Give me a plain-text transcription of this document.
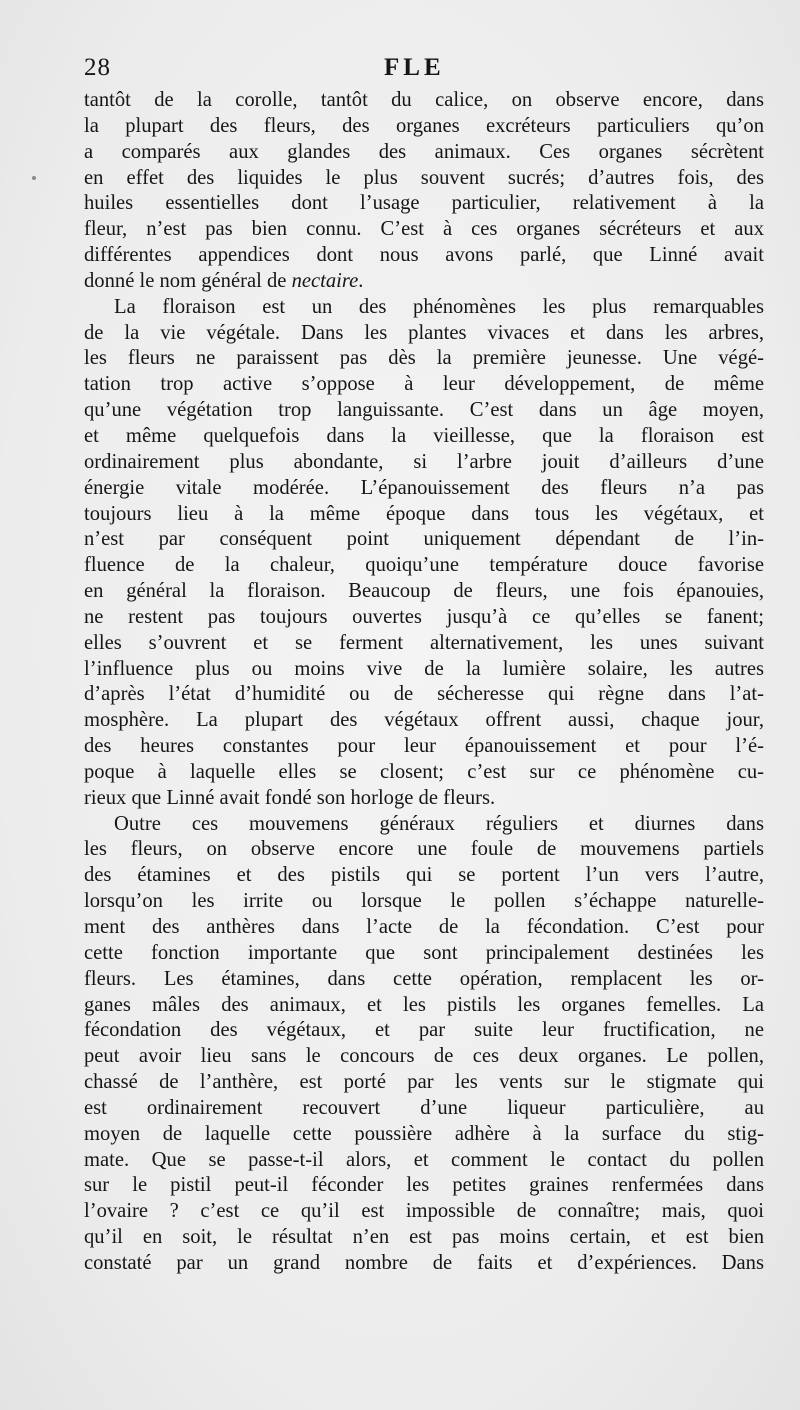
28	FLE
tantôt de la corolle, tantôt du calice, on observe encore, dans
la plupart des fleurs, des organes excréteurs particuliers qu’on
a comparés aux glandes des animaux. Ces organes sécrètent
en effet des liquides le plus souvent sucrés; d’autres fois, des
huiles essentielles dont l’usage particulier, relativement à la
fleur, n’est pas bien connu. C’est à ces organes sécréteurs et aux
différentes appendices dont nous avons parlé, que Linné avait
donné le nom général de nectaire.
La floraison est un des phénomènes les plus remarquables
de la vie végétale. Dans les plantes vivaces et dans les arbres,
les fleurs ne paraissent pas dès la première jeunesse. Une végé-
tation trop active s’oppose à leur développement, de même
qu’une végétation trop languissante. C’est dans un âge moyen,
et même quelquefois dans la vieillesse, que la floraison est
ordinairement plus abondante, si l’arbre jouit d’ailleurs d’une
énergie vitale modérée. L’épanouissement des fleurs n’a pas
toujours lieu à la même époque dans tous les végétaux, et
n’est par conséquent point uniquement dépendant de l’in-
fluence de la chaleur, quoiqu’une température douce favorise
en général la floraison. Beaucoup de fleurs, une fois épanouies,
ne restent pas toujours ouvertes jusqu’à ce qu’elles se fanent;
elles s’ouvrent et se ferment alternativement, les unes suivant
l’influence plus ou moins vive de la lumière solaire, les autres
d’après l’état d’humidité ou de sécheresse qui règne dans l’at-
mosphère. La plupart des végétaux offrent aussi, chaque jour,
des heures constantes pour leur épanouissement et pour l’é-
poque à laquelle elles se closent; c’est sur ce phénomène cu-
rieux que Linné avait fondé son horloge de fleurs.
Outre ces mouvemens généraux réguliers et diurnes dans
les fleurs, on observe encore une foule de mouvemens partiels
des étamines et des pistils qui se portent l’un vers l’autre,
lorsqu’on les irrite ou lorsque le pollen s’échappe naturelle-
ment des anthères dans l’acte de la fécondation. C’est pour
cette fonction importante que sont principalement destinées les
fleurs. Les étamines, dans cette opération, remplacent les or-
ganes mâles des animaux, et les pistils les organes femelles. La
fécondation des végétaux, et par suite leur fructification, ne
peut avoir lieu sans le concours de ces deux organes. Le pollen,
chassé de l’anthère, est porté par les vents sur le stigmate qui
est ordinairement recouvert d’une liqueur particulière, au
moyen de laquelle cette poussière adhère à la surface du stig-
mate. Que se passe-t-il alors, et comment le contact du pollen
sur le pistil peut-il féconder les petites graines renfermées dans
l’ovaire ? c’est ce qu’il est impossible de connaître; mais, quoi
qu’il en soit, le résultat n’en est pas moins certain, et est bien
constaté par un grand nombre de faits et d’expériences. Dans
